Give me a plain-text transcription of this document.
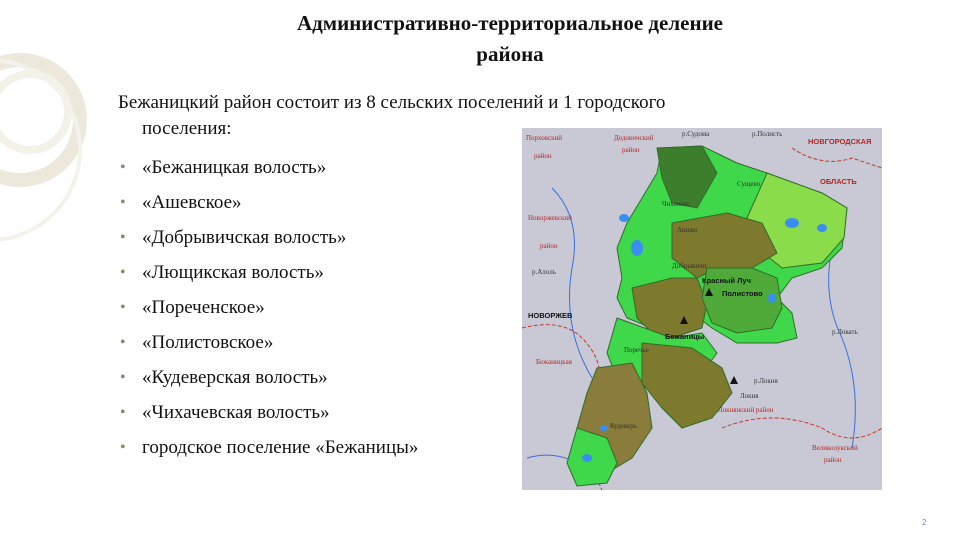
Административно-территориальное деление
района
Бежаницкий район состоит из 8 сельских поселений и 1 городского
поселения:
• «Бежаницкая волость»
• «Ашевское»
• «Добрывичская волость»
• «Лющикская волость»
• «Пореченское»
• «Полистовское»
• «Кудеверская волость»
• «Чихачевская волость»
• городское поселение «Бежаницы»
Порховский
район
Дедовичский
район
НОВГОРОДСКАЯ
ОБЛАСТЬ
Новоржевский
район
НОВОРЖЕВ
Чихачево
Ашево
Добрывичи
Полистово
Красный Луч
Бежаницы
Поречье
Кудеверь
Локня
Локнянский район
Великолукский
район
Бежаницкая
Сущево
р.Судома	р.Полисть
р.Ловать
р.Алоль
р.Локня
2
